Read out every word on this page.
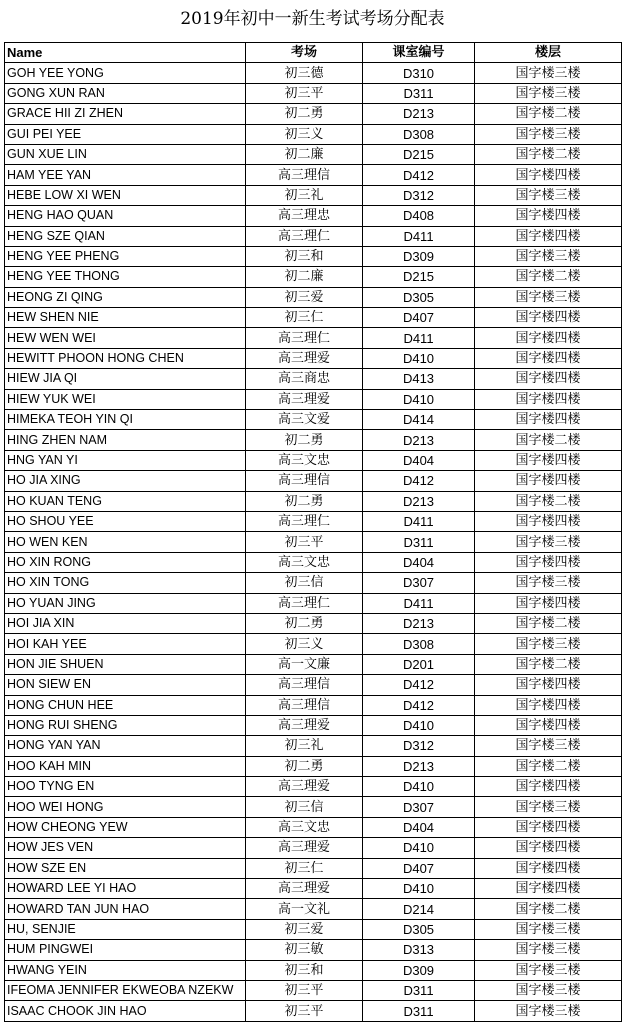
2019年初中一新生考试考场分配表
Name	考场	课室编号	楼层
GOH YEE YONG	初三德	D310	国字楼三楼
GONG XUN RAN	初三平	D311	国字楼三楼
GRACE HII ZI ZHEN	初二勇	D213	国字楼二楼
GUI PEI YEE	初三义	D308	国字楼三楼
GUN XUE LIN	初二廉	D215	国字楼二楼
HAM YEE YAN	高三理信	D412	国字楼四楼
HEBE LOW XI WEN	初三礼	D312	国字楼三楼
HENG HAO QUAN	高三理忠	D408	国字楼四楼
HENG SZE QIAN	高三理仁	D411	国字楼四楼
HENG YEE PHENG	初三和	D309	国字楼三楼
HENG YEE THONG	初二廉	D215	国字楼二楼
HEONG ZI QING	初三爱	D305	国字楼三楼
HEW SHEN NIE	初三仁	D407	国字楼四楼
HEW WEN WEI	高三理仁	D411	国字楼四楼
HEWITT PHOON HONG CHEN	高三理爱	D410	国字楼四楼
HIEW JIA QI	高三商忠	D413	国字楼四楼
HIEW YUK WEI	高三理爱	D410	国字楼四楼
HIMEKA TEOH YIN QI	高三文爱	D414	国字楼四楼
HING ZHEN NAM	初二勇	D213	国字楼二楼
HNG YAN YI	高三文忠	D404	国字楼四楼
HO JIA XING	高三理信	D412	国字楼四楼
HO KUAN TENG	初二勇	D213	国字楼二楼
HO SHOU YEE	高三理仁	D411	国字楼四楼
HO WEN KEN	初三平	D311	国字楼三楼
HO XIN RONG	高三文忠	D404	国字楼四楼
HO XIN TONG	初三信	D307	国字楼三楼
HO YUAN JING	高三理仁	D411	国字楼四楼
HOI JIA XIN	初二勇	D213	国字楼二楼
HOI KAH YEE	初三义	D308	国字楼三楼
HON JIE SHUEN	高一文廉	D201	国字楼二楼
HON SIEW EN	高三理信	D412	国字楼四楼
HONG CHUN HEE	高三理信	D412	国字楼四楼
HONG RUI SHENG	高三理爱	D410	国字楼四楼
HONG YAN YAN	初三礼	D312	国字楼三楼
HOO KAH MIN	初二勇	D213	国字楼二楼
HOO TYNG EN	高三理爱	D410	国字楼四楼
HOO WEI HONG	初三信	D307	国字楼三楼
HOW CHEONG YEW	高三文忠	D404	国字楼四楼
HOW JES VEN	高三理爱	D410	国字楼四楼
HOW SZE EN	初三仁	D407	国字楼四楼
HOWARD LEE YI HAO	高三理爱	D410	国字楼四楼
HOWARD TAN JUN HAO	高一文礼	D214	国字楼二楼
HU, SENJIE	初三爱	D305	国字楼三楼
HUM PINGWEI	初三敏	D313	国字楼三楼
HWANG YEIN	初三和	D309	国字楼三楼
IFEOMA JENNIFER EKWEOBA NZEKW	初三平	D311	国字楼三楼
ISAAC CHOOK JIN HAO	初三平	D311	国字楼三楼
